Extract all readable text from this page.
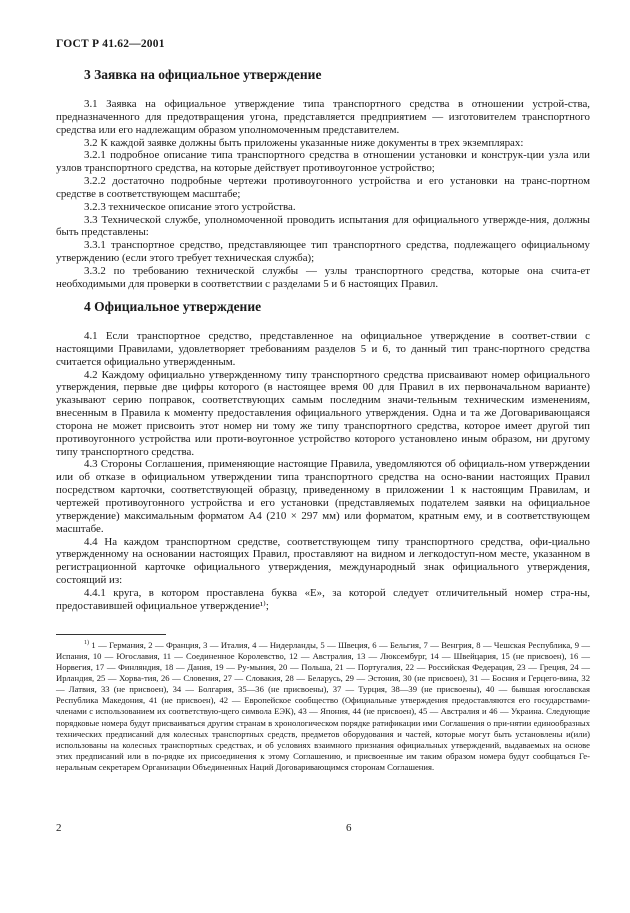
ГОСТ Р 41.62—2001
3 Заявка на официальное утверждение

3.1 Заявка на официальное утверждение типа транспортного средства в отношении устрой-ства, предназначенного для предотвращения угона, представляется предприятием — изготовителем транспортного средства или его надлежащим образом уполномоченным представителем.

3.2 К каждой заявке должны быть приложены указанные ниже документы в трех экземплярах:

3.2.1 подробное описание типа транспортного средства в отношении установки и конструк-ции узла или узлов транспортного средства, на которые действует противоугонное устройство;

3.2.2 достаточно подробные чертежи противоугонного устройства и его установки на транс-портном средстве в соответствующем масштабе;

3.2.3 техническое описание этого устройства.

3.3 Технической службе, уполномоченной проводить испытания для официального утвержде-ния, должны быть представлены:

3.3.1 транспортное средство, представляющее тип транспортного средства, подлежащего официальному утверждению (если этого требует техническая служба);

3.3.2 по требованию технической службы — узлы транспортного средства, которые она счита-ет необходимыми для проверки в соответствии с разделами 5 и 6 настоящих Правил.

4 Официальное утверждение

4.1 Если транспортное средство, представленное на официальное утверждение в соответ-ствии с настоящими Правилами, удовлетворяет требованиям разделов 5 и 6, то данный тип транс-портного средства считается официально утвержденным.

4.2 Каждому официально утвержденному типу транспортного средства присваивают номер официального утверждения, первые две цифры которого (в настоящее время 00 для Правил в их первоначальном варианте) указывают серию поправок, соответствующих самым последним значи-тельным техническим изменениям, внесенным в Правила к моменту предоставления официального утверждения. Одна и та же Договаривающаяся сторона не может присвоить этот номер ни тому же типу транспортного средства, которое имеет другой тип противоугонного устройства или проти-воугонное устройство которого установлено иным образом, ни другому типу транспортного средства.

4.3 Стороны Соглашения, применяющие настоящие Правила, уведомляются об официаль-ном утверждении или об отказе в официальном утверждении типа транспортного средства на осно-вании настоящих Правил посредством карточки, соответствующей образцу, приведенному в приложении 1 к настоящим Правилам, и чертежей противоугонного устройства и его установки (представляемых подателем заявки на официальное утверждение) максимальным форматом А4 (210 × 297 мм) или форматом, кратным ему, и в соответствующем масштабе.

4.4 На каждом транспортном средстве, соответствующем типу транспортного средства, офи-циально утвержденному на основании настоящих Правил, проставляют на видном и легкодоступ-ном месте, указанном в регистрационной карточке официального утверждения, международный знак официального утверждения, состоящий из:

4.4.1 круга, в котором проставлена буква «Е», за которой следует отличительный номер стра-ны, предоставившей официальное утверждение¹⁾;

$^{1)}$ 1 — Германия, 2 — Франция, 3 — Италия, 4 — Нидерланды, 5 — Швеция, 6 — Бельгия, 7 — Венгрия, 8 — Чешская Республика, 9 — Испания, 10 — Югославия, 11 — Соединенное Королевство, 12 — Австралия, 13 — Люксембург, 14 — Швейцария, 15 (не присвоен), 16 — Норвегия, 17 — Финляндия, 18 — Дания, 19 — Ру-мыния, 20 — Польша, 21 — Португалия, 22 — Российская Федерация, 23 — Греция, 24 — Ирландия, 25 — Хорва-тия, 26 — Словения, 27 — Словакия, 28 — Беларусь, 29 — Эстония, 30 (не присвоен), 31 — Босния и Герцего-вина, 32 — Латвия, 33 (не присвоен), 34 — Болгария, 35—36 (не присвоены), 37 — Турция, 38—39 (не присвоены), 40 — бывшая югославская Республика Македония, 41 (не присвоен), 42 — Европейское сообщество (Официальные утверждения предоставляются его государствами-членами с использованием их соответствую-щего символа ЕЭК), 43 — Япония, 44 (не присвоен), 45 — Австралия и 46 — Украина. Следующие порядковые номера будут присваиваться другим странам в хронологическом порядке ратификации ими Соглашения о при-нятии единообразных технических предписаний для колесных транспортных средств, предметов оборудования и частей, которые могут быть установлены и(или) использованы на колесных транспортных средствах, и об условиях взаимного признания официальных утверждений, выдаваемых на основе этих предписаний или в по-рядке их присоединения к этому Соглашению, и присвоенные им таким образом номера будут сообщаться Ге-неральным секретарем Организации Объединенных Наций Договаривающимся сторонам Соглашения.
2	6
